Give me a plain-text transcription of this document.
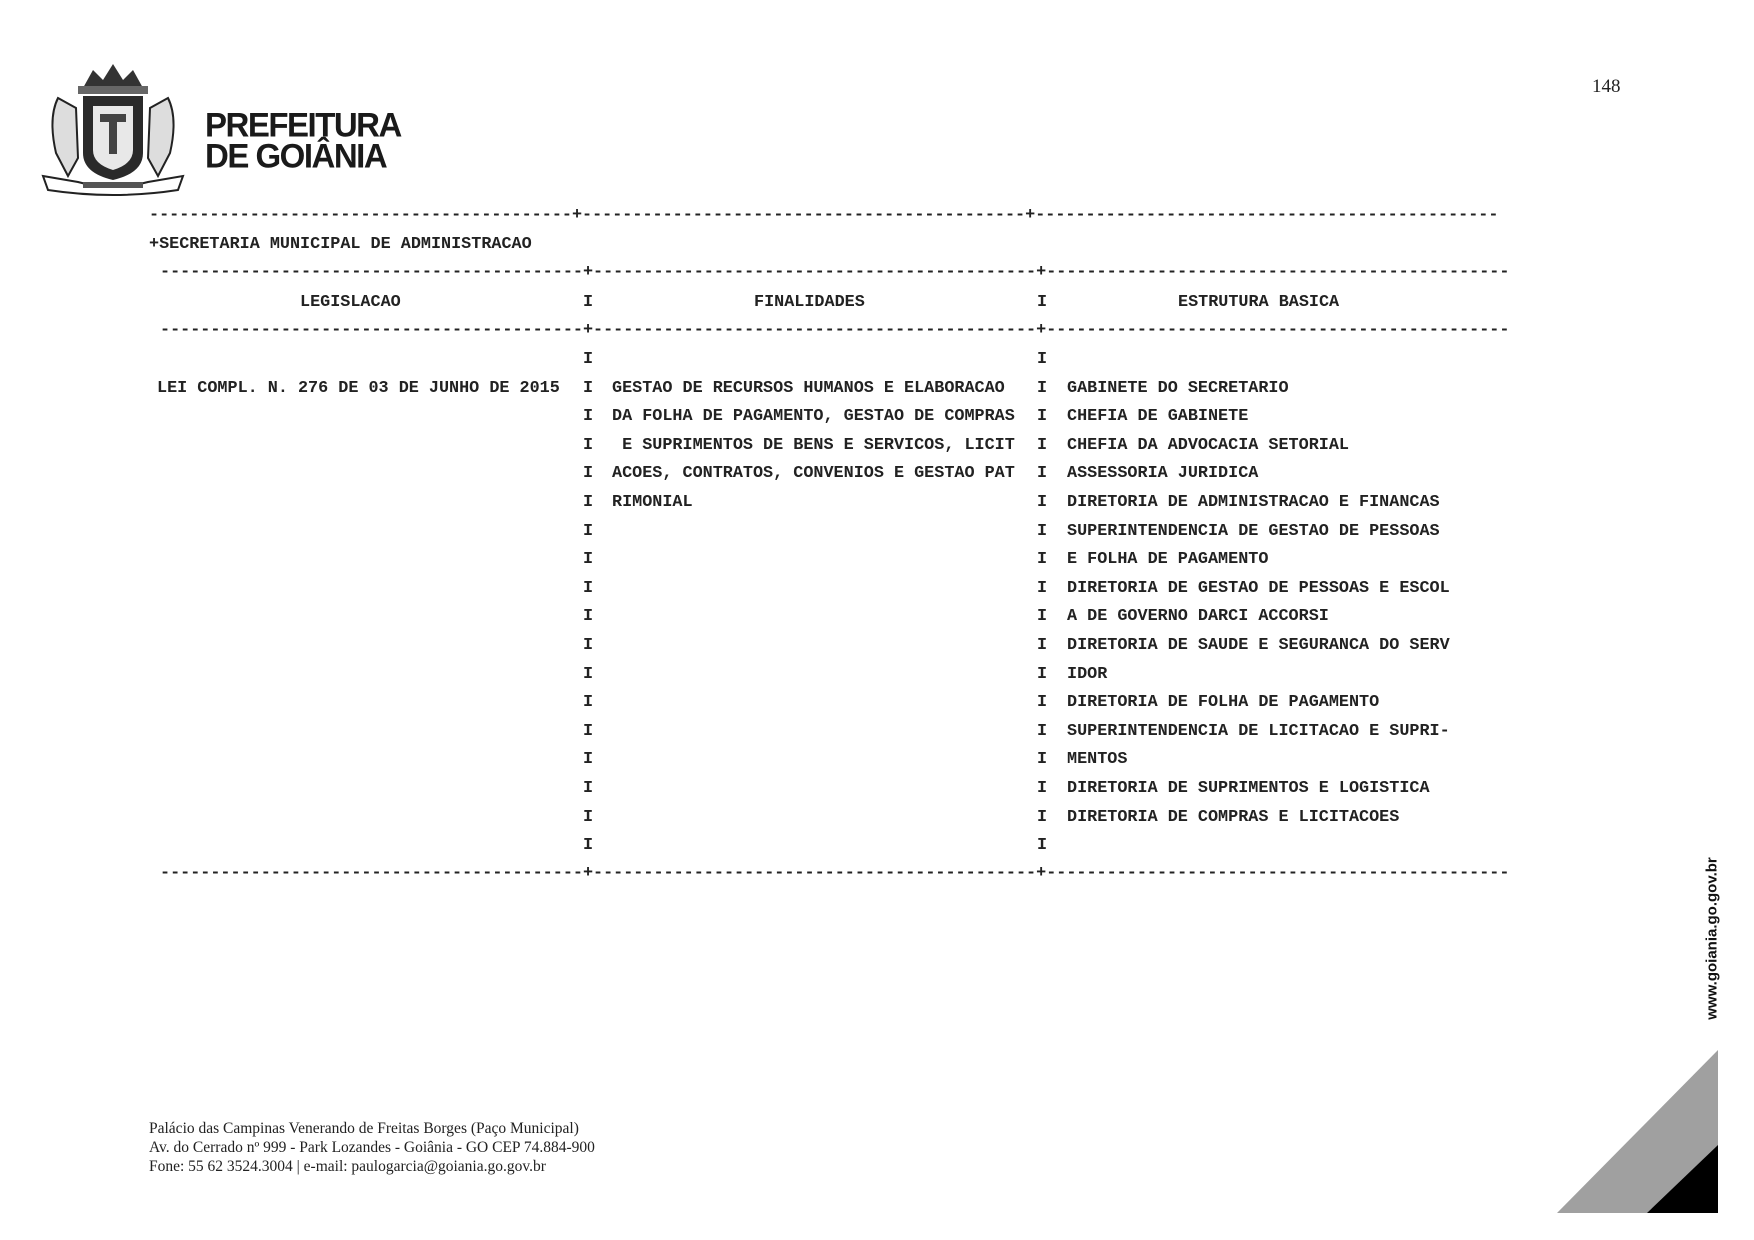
PREFEITURA
DE GOIÂNIA
148
------------------------------------------+--------------------------------------------+----------------------------------------------
+SECRETARIA MUNICIPAL DE ADMINISTRACAO
------------------------------------------+--------------------------------------------+----------------------------------------------
LEGISLACAO	I	FINALIDADES	I	ESTRUTURA BASICA
------------------------------------------+--------------------------------------------+----------------------------------------------
I	I
LEI COMPL. N. 276 DE 03 DE JUNHO DE 2015 I GESTAO DE RECURSOS HUMANOS E ELABORACAO I GABINETE DO SECRETARIO
I DA FOLHA DE PAGAMENTO, GESTAO DE COMPRAS I CHEFIA DE GABINETE
I E SUPRIMENTOS DE BENS E SERVICOS, LICIT I CHEFIA DA ADVOCACIA SETORIAL
I ACOES, CONTRATOS, CONVENIOS E GESTAO PAT I ASSESSORIA JURIDICA
I RIMONIAL	I DIRETORIA DE ADMINISTRACAO E FINANCAS
I	I SUPERINTENDENCIA DE GESTAO DE PESSOAS
I	I E FOLHA DE PAGAMENTO
I	I DIRETORIA DE GESTAO DE PESSOAS E ESCOL
I	I A DE GOVERNO DARCI ACCORSI
I	I DIRETORIA DE SAUDE E SEGURANCA DO SERV
I	I IDOR
I	I DIRETORIA DE FOLHA DE PAGAMENTO
I	I SUPERINTENDENCIA DE LICITACAO E SUPRI-
I	I MENTOS
I	I DIRETORIA DE SUPRIMENTOS E LOGISTICA
I	I DIRETORIA DE COMPRAS E LICITACOES
I	I
------------------------------------------+--------------------------------------------+----------------------------------------------
Palácio das Campinas Venerando de Freitas Borges (Paço Municipal)
Av. do Cerrado nº 999 - Park Lozandes - Goiânia - GO CEP 74.884-900
Fone: 55 62 3524.3004 | e-mail: paulogarcia@goiania.go.gov.br
www.goiania.go.gov.br
